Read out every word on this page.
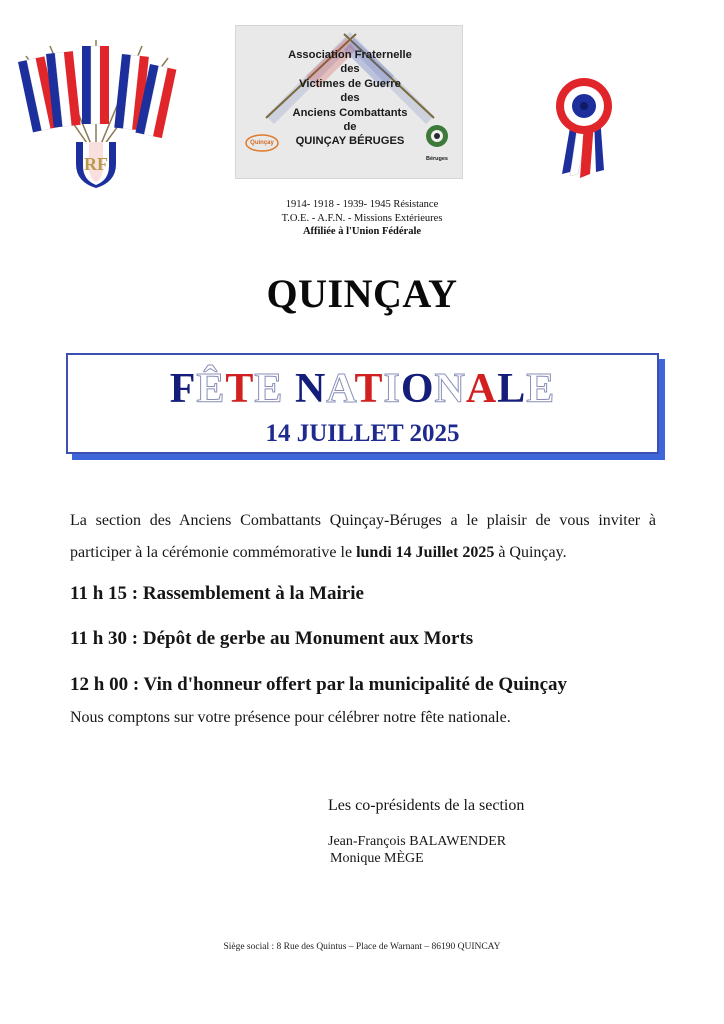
RF
Association Fraternelle
des
Victimes de Guerre
des
Anciens Combattants
de
QUINÇAY BÉRUGES
Quinçay
Béruges
1914- 1918 - 1939- 1945 Résistance
T.O.E. - A.F.N. - Missions Extérieures
Affiliée à l'Union Fédérale
QUINÇAY
FÊTE NATIONALE
14 JUILLET 2025
La section des Anciens Combattants Quinçay-Béruges a le plaisir de vous inviter à participer à la cérémonie commémorative le lundi 14 Juillet 2025 à Quinçay.
11 h 15 : Rassemblement à la Mairie
11 h 30 : Dépôt de gerbe au Monument aux Morts
12 h 00 : Vin d'honneur offert par la municipalité de Quinçay
Nous comptons sur votre présence pour célébrer notre fête nationale.
Les co-présidents de la section
Jean-François BALAWENDER
Monique MÈGE
Siège social : 8 Rue des Quintus – Place de Warnant – 86190 QUINCAY
